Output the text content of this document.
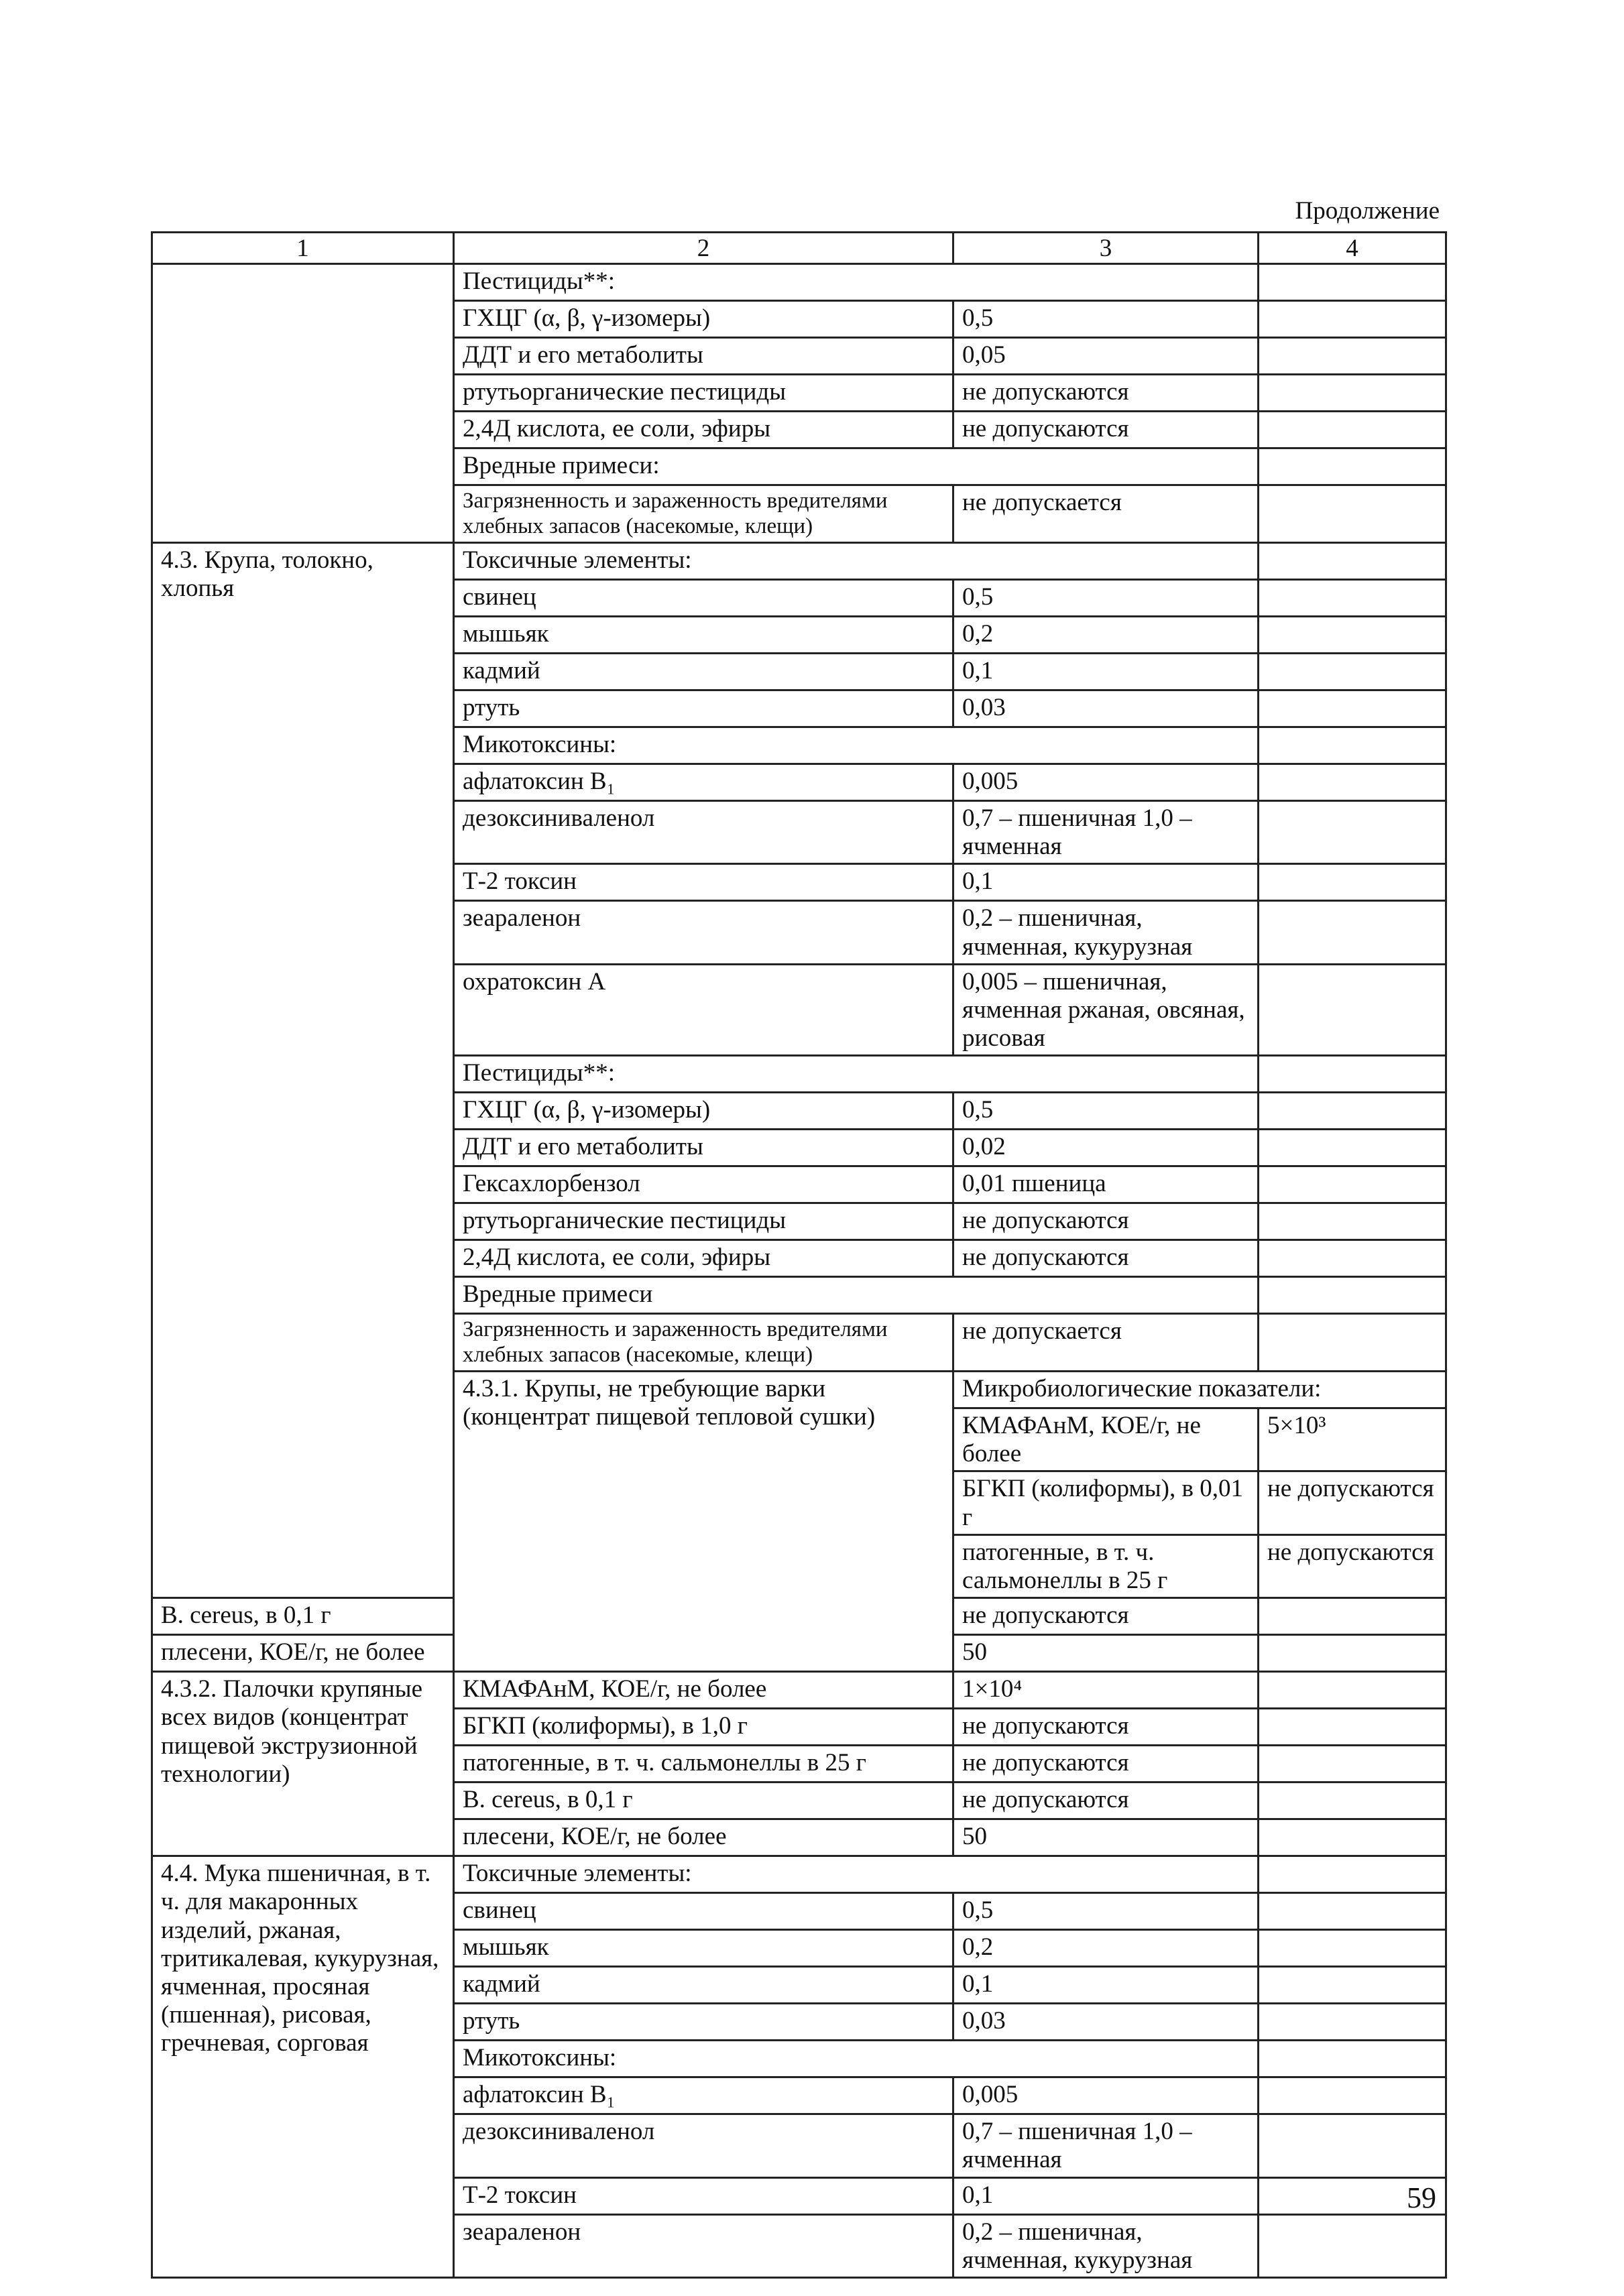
Продолжение
1	2	3	4	
	Пестициды**:			
	ГХЦГ (α, β, γ-изомеры)	0,5		
	ДДТ и его метаболиты	0,05		
	ртутьорганические пестициды	не допускаются		
	2,4Д кислота, ее соли, эфиры	не допускаются		
	Вредные примеси:			
	Загрязненность и зараженность вредителями хлебных запасов (насекомые, клещи)	не допускается		
4.3. Крупа, толокно, хлопья	Токсичные элементы:			
	свинец	0,5		
	мышьяк	0,2		
	кадмий	0,1		
	ртуть	0,03		
	Микотоксины:			
	афлатоксин B₁	0,005		
	дезоксиниваленол	0,7 – пшеничная 1,0 – ячменная		
	Т-2 токсин	0,1		
	зеараленон	0,2 – пшеничная, ячменная, кукурузная		
	охратоксин А	0,005 – пшеничная, ячменная ржаная, овсяная, рисовая		
	Пестициды**:			
	ГХЦГ (α, β, γ-изомеры)	0,5		
	ДДТ и его метаболиты	0,02		
	Гексахлорбензол	0,01 пшеница		
	ртутьорганические пестициды	не допускаются		
	2,4Д кислота, ее соли, эфиры	не допускаются		
	Вредные примеси			
	Загрязненность и зараженность вредителями хлебных запасов (насекомые, клещи)	не допускается		
	4.3.1. Крупы, не требующие варки (концентрат пищевой тепловой сушки)	Микробиологические показатели:		
		КМАФАнМ, КОЕ/г, не более	5×10³	
		БГКП (колиформы), в 0,01 г	не допускаются	
		патогенные, в т. ч. сальмонеллы в 25 г	не допускаются	
B. cereus, в 0,1 г		не допускаются		
плесени, КОЕ/г, не более		50		
4.3.2. Палочки крупяные всех видов (концентрат пищевой экструзионной технологии)	КМАФАнМ, КОЕ/г, не более	1×10⁴		
	БГКП (колиформы), в 1,0 г	не допускаются		
	патогенные, в т. ч. сальмонеллы в 25 г	не допускаются		
	B. cereus, в 0,1 г	не допускаются		
	плесени, КОЕ/г, не более	50		
4.4. Мука пшеничная, в т. ч. для макаронных изделий, ржаная, тритикалевая, кукурузная, ячменная, просяная (пшенная), рисовая, гречневая, сорговая	Токсичные элементы:			
	свинец	0,5		
	мышьяк	0,2		
	кадмий	0,1		
	ртуть	0,03		
	Микотоксины:			
	афлатоксин B₁	0,005		
	дезоксиниваленол	0,7 – пшеничная 1,0 – ячменная		
	Т-2 токсин	0,1		
	зеараленон	0,2 – пшеничная, ячменная, кукурузная		
59
